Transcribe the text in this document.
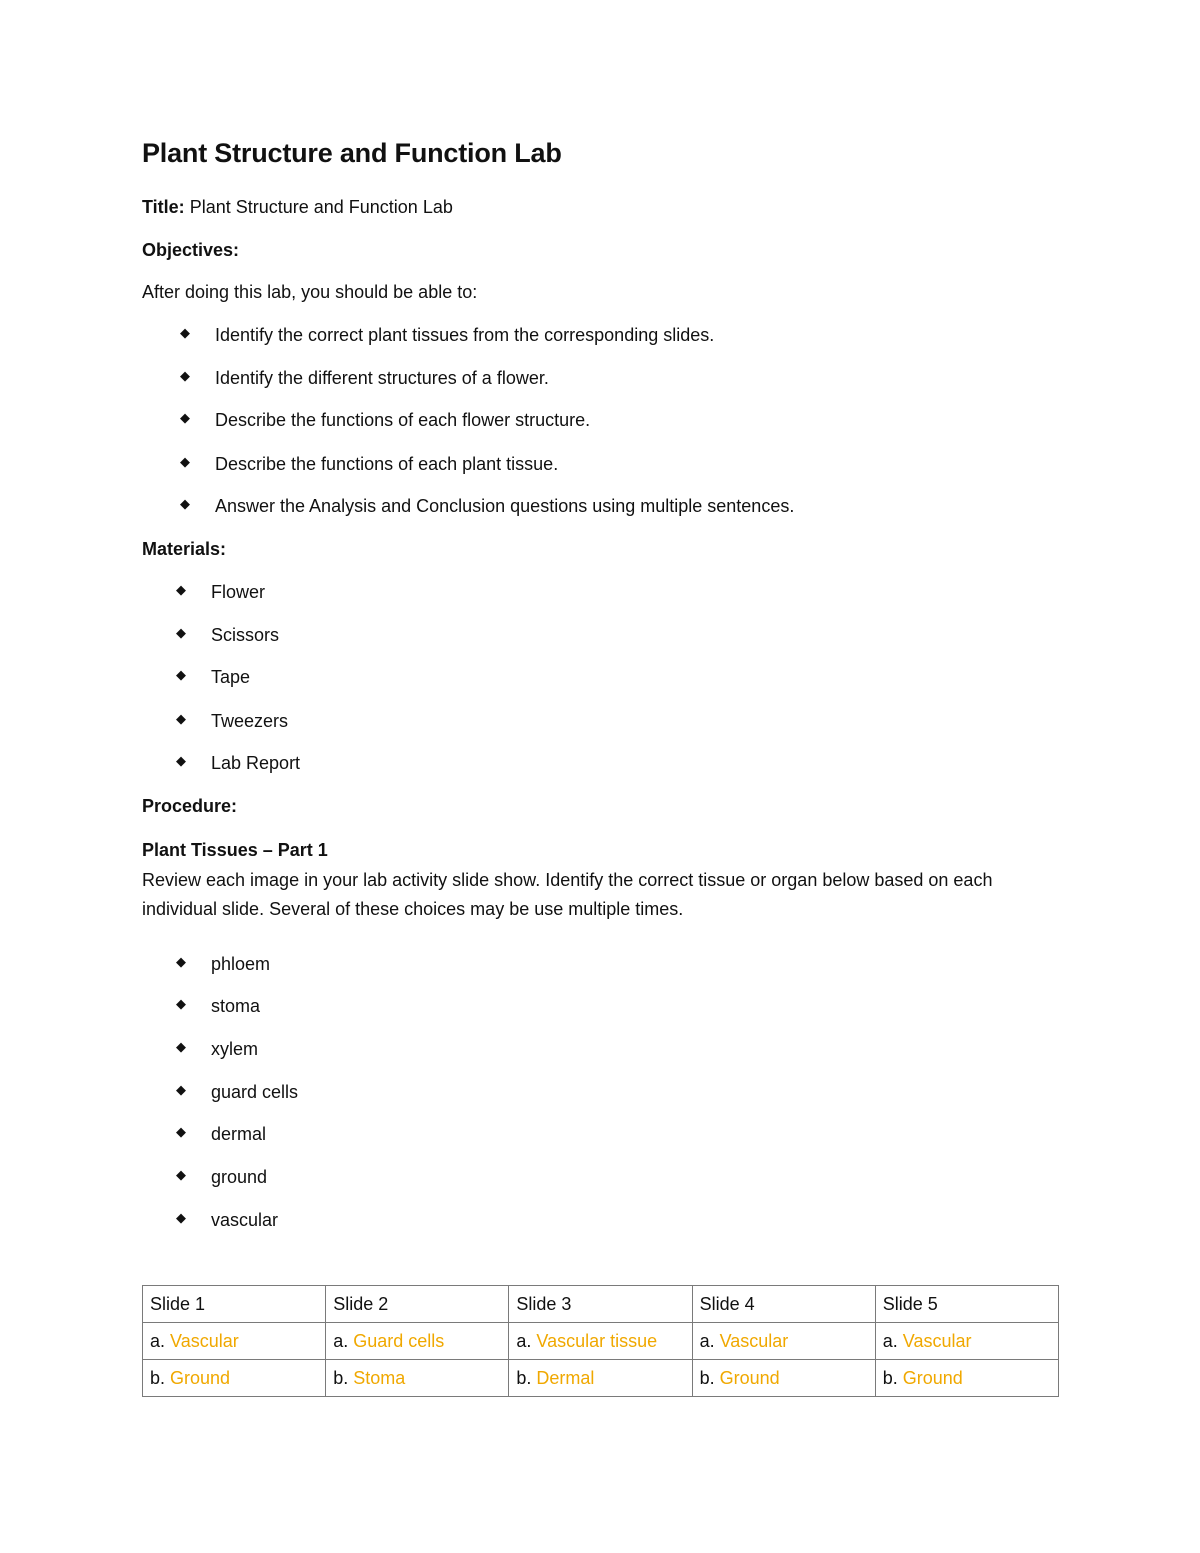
Plant Structure and Function Lab
Title: Plant Structure and Function Lab
Objectives:
After doing this lab, you should be able to:
◆ Identify the correct plant tissues from the corresponding slides.
◆ Identify the different structures of a flower.
◆ Describe the functions of each flower structure.
◆ Describe the functions of each plant tissue.
◆ Answer the Analysis and Conclusion questions using multiple sentences.
Materials:
◆ Flower
◆ Scissors
◆ Tape
◆ Tweezers
◆ Lab Report
Procedure:
Plant Tissues – Part 1
Review each image in your lab activity slide show. Identify the correct tissue or organ below based on each individual slide. Several of these choices may be use multiple times.
◆ phloem
◆ stoma
◆ xylem
◆ guard cells
◆ dermal
◆ ground
◆ vascular
Slide 1	Slide 2	Slide 3	Slide 4	Slide 5
a. Vascular	a. Guard cells	a. Vascular tissue	a. Vascular	a. Vascular
b. Ground	b. Stoma	b. Dermal	b. Ground	b. Ground
